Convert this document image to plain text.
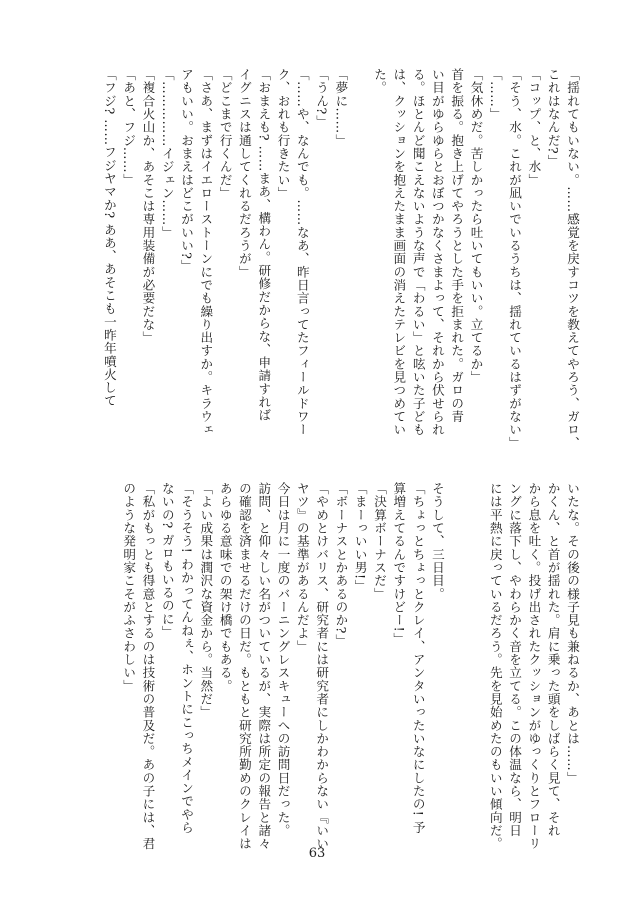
「揺れてもいない。……感覚を戻すコツを教えてやろう、ガロ、

これはなんだ?」

「コップ、と、水」

「そう、水。これが凪いでいるうちは、揺れているはずがない」

「……」

「気休めだ。苦しかったら吐いてもいい。立てるか」

首を振る。抱き上げてやろうとした手を拒まれた。ガロの青

い目がゆらゆらとおぼつかなくさまよって、それから伏せられ

る。ほとんど聞こえないような声で「わるい」と呟いた子ども

は、クッションを抱えたまま画面の消えたテレビを見つめてい

た。

「夢に……」

「うん?」

「……や、なんでも。……なあ、昨日言ってたフィールドワー

ク、おれも行きたい」

「おまえも? ……まあ、構わん。研修だからな、申請すれば

イグニスは通してくれるだろうが」

「どこまで行くんだ」

「さあ、まずはイエローストーンにでも繰り出すか。キラウェ

アもいい。おまえはどこがいい?」

「……………イジェン……」

「複合火山か、あそこは専用装備が必要だな」

「あと、フジ……」

「フジ? ……フジヤマか? ああ、あそこも一昨年噴火して

いたな。その後の様子見も兼ねるか、あとは……」

かくん、と首が揺れた。肩に乗った頭をしばらく見て、それ

から息を吐く。投げ出されたクッションがゆっくりとフローリ

ングに落下し、やわらかく音を立てる。この体温なら、明日

には平熱に戻っているだろう。先を見始めたのもいい傾向だ。

そうして、三日目。

「ちょっとちょっとクレイ、アンタいったいなにしたの! 予

算増えてるんですけどー!」

「決算ボーナスだ」

「まーっいい男!」

「ボーナスとかあるのか?」

「やめとけバリス、研究者には研究者にしかわからない『いい

ヤツ』の基準があるんだよ」

今日は月に一度のバーニングレスキューへの訪問日だった。

訪問、と仰々しい名がついているが、実際は所定の報告と諸々

の確認を済ませるだけの日だ。もともと研究所勤めのクレイは

あらゆる意味での架け橋でもある。

「よい成果は潤沢な資金から。当然だ」

「そうそう! わかってんねぇ、ホントにこっちメインでやら

ないの? ガロもいるのに」

「私がもっとも得意とするのは技術の普及だ。あの子には、君

のような発明家こそがふさわしい」

63
